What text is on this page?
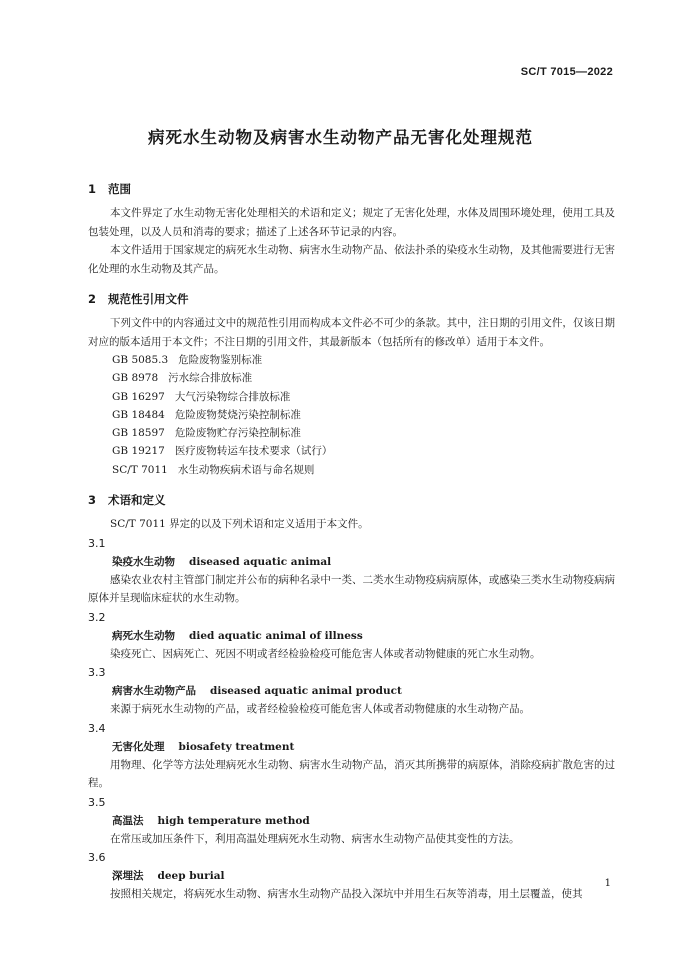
SC/T 7015—2022
病死水生动物及病害水生动物产品无害化处理规范
1 范围

本文件界定了水生动物无害化处理相关的术语和定义；规定了无害化处理，水体及周围环境处理，使用工具及包装处理，以及人员和消毒的要求；描述了上述各环节记录的内容。

本文件适用于国家规定的病死水生动物、病害水生动物产品、依法扑杀的染疫水生动物，及其他需要进行无害化处理的水生动物及其产品。

2 规范性引用文件

下列文件中的内容通过文中的规范性引用而构成本文件必不可少的条款。其中，注日期的引用文件，仅该日期对应的版本适用于本文件；不注日期的引用文件，其最新版本（包括所有的修改单）适用于本文件。

GB 5085.3 危险废物鉴别标准
GB 8978 污水综合排放标准
GB 16297 大气污染物综合排放标准
GB 18484 危险废物焚烧污染控制标准
GB 18597 危险废物贮存污染控制标准
GB 19217 医疗废物转运车技术要求（试行）
SC/T 7011 水生动物疾病术语与命名规则
3 术语和定义

SC/T 7011 界定的以及下列术语和定义适用于本文件。

3.1
染疫水生动物 diseased aquatic animal

感染农业农村主管部门制定并公布的病种名录中一类、二类水生动物疫病病原体，或感染三类水生动物疫病病原体并呈现临床症状的水生动物。

3.2
病死水生动物 died aquatic animal of illness

染疫死亡、因病死亡、死因不明或者经检验检疫可能危害人体或者动物健康的死亡水生动物。

3.3
病害水生动物产品 diseased aquatic animal product

来源于病死水生动物的产品，或者经检验检疫可能危害人体或者动物健康的水生动物产品。

3.4
无害化处理 biosafety treatment

用物理、化学等方法处理病死水生动物、病害水生动物产品，消灭其所携带的病原体，消除疫病扩散危害的过程。

3.5
高温法 high temperature method

在常压或加压条件下，利用高温处理病死水生动物、病害水生动物产品使其变性的方法。

3.6
深埋法 deep burial

按照相关规定，将病死水生动物、病害水生动物产品投入深坑中并用生石灰等消毒，用土层覆盖，使其

1
